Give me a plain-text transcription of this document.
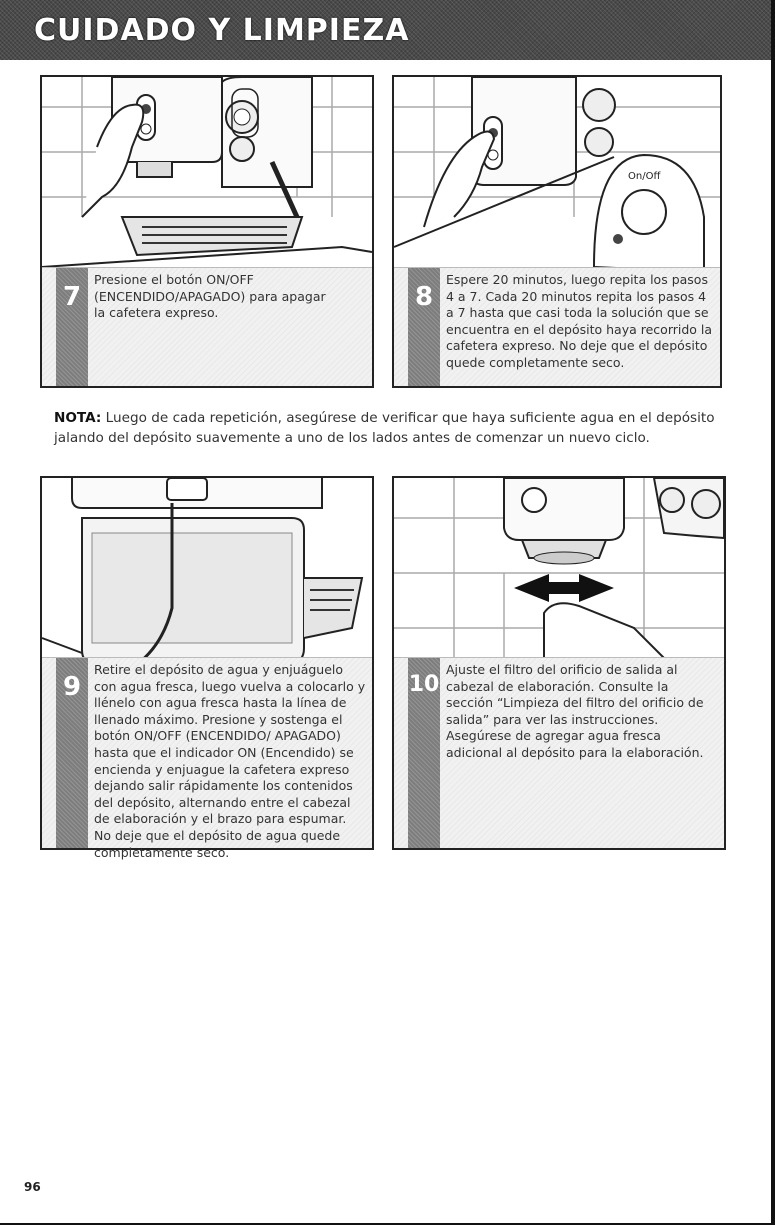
CUIDADO Y LIMPIEZA
7
Presione el botón ON/OFF (ENCENDIDO/APAGADO) para apagar la cafetera expreso.
On/Off
8
Espere 20 minutos, luego repita los pasos 4 a 7. Cada 20 minutos repita los pasos 4 a 7 hasta que casi toda la solución que se encuentra en el depósito haya recorrido la cafetera expreso. No deje que el depósito quede completamente seco.
NOTA: Luego de cada repetición, asegúrese de verificar que haya suficiente agua en el depósito jalando del depósito suavemente a uno de los lados antes de comenzar un nuevo ciclo.
9
Retire el depósito de agua y enjuáguelo con agua fresca, luego vuelva a colocarlo y llénelo con agua fresca hasta la línea de llenado máximo. Presione y sostenga el botón ON/OFF (ENCENDIDO/ APAGADO) hasta que el indicador ON (Encendido) se encienda y enjuague la cafetera expreso dejando salir rápidamente los contenidos del depósito, alternando entre el cabezal de elaboración y el brazo para espumar. No deje que el depósito de agua quede completamente seco.
10
Ajuste el filtro del orificio de salida al cabezal de elaboración. Consulte la sección “Limpieza del filtro del orificio de salida” para ver las instrucciones. Asegúrese de agregar agua fresca adicional al depósito para la elaboración.
96
